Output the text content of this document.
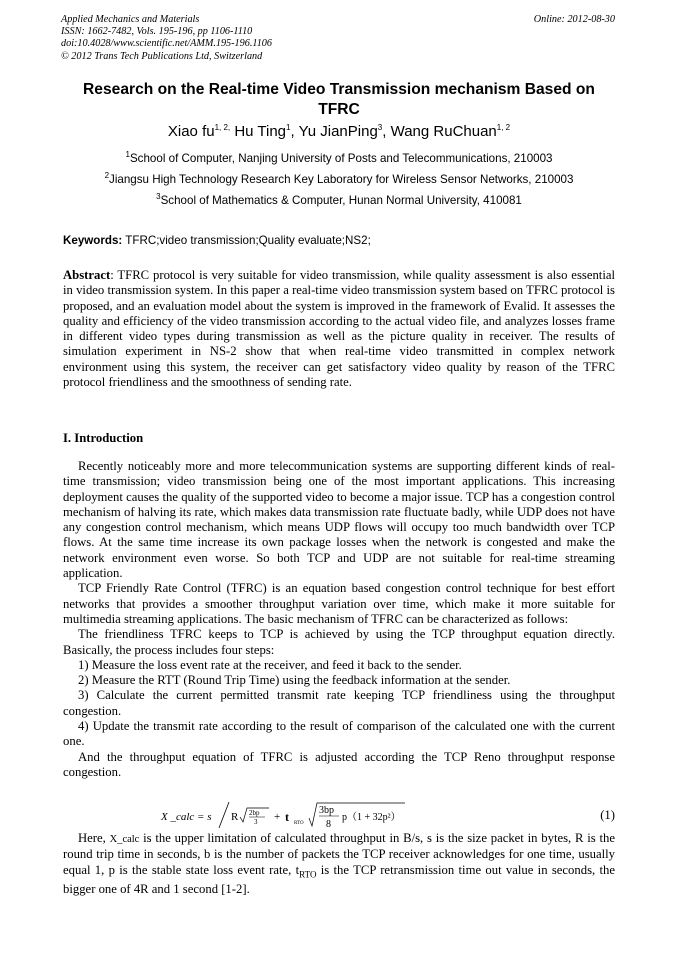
Applied Mechanics and Materials
ISSN: 1662-7482, Vols. 195-196, pp 1106-1110
doi:10.4028/www.scientific.net/AMM.195-196.1106
© 2012 Trans Tech Publications Ltd, Switzerland
Online: 2012-08-30
Research on the Real-time Video Transmission mechanism Based on TFRC
Xiao $fu^{1, 2,}$ Hu Ting$^1$, Yu JianPing$^3$, Wang RuChuan$^{1, 2}$
$^1$School of Computer, Nanjing University of Posts and Telecommunications, 210003
$^2$Jiangsu High Technology Research Key Laboratory for Wireless Sensor Networks, 210003
$^3$School of Mathematics & Computer, Hunan Normal University, 410081
Keywords: TFRC;video transmission;Quality evaluate;NS2;

Abstract: TFRC protocol is very suitable for video transmission, while quality assessment is also essential in video transmission system. In this paper a real-time video transmission system based on TFRC protocol is proposed, and an evaluation model about the system is improved in the framework of Evalid. It assesses the quality and efficiency of the video transmission according to the actual video file, and analyzes losses frame in different video types during transmission as well as the picture quality in receiver. The results of simulation experiment in NS-2 show that when real-time video transmitted in complex network environment using this system, the receiver can get satisfactory video quality by reason of the TFRC protocol friendliness and the smoothness of sending rate.

I. Introduction

Recently noticeably more and more telecommunication systems are supporting different kinds of real-time transmission; video transmission being one of the most important applications. This increasing deployment causes the quality of the supported video to become a major issue. TCP has a congestion control mechanism of halving its rate, which makes data transmission rate fluctuate badly, while UDP does not have any congestion control mechanism, which means UDP flows will occupy too much bandwidth over TCP flows. At the same time increase its own package losses when the network is congested and make the network environment even worse. So both TCP and UDP are not suitable for real-time streaming application.

TCP Friendly Rate Control (TFRC) is an equation based congestion control technique for best effort networks that provides a smoother throughput variation over time, which make it more suitable for multimedia streaming applications. The basic mechanism of TFRC can be characterized as follows:

The friendliness TFRC keeps to TCP is achieved by using the TCP throughput equation directly. Basically, the process includes four steps:

1) Measure the loss event rate at the receiver, and feed it back to the sender.

2) Measure the RTT (Round Trip Time) using the feedback information at the sender.

3) Calculate the current permitted transmit rate keeping TCP friendliness using the throughput congestion.

4) Update the transmit rate according to the result of comparison of the calculated one with the current one.

And the throughput equation of TFRC is adjusted according the TCP Reno throughput response congestion.

X _calc = s R 2bp
3 + t RTO
3bp
8
p（1 + 32p²）	(1)

Here, X_calc is the upper limitation of calculated throughput in B/s, s is the size packet in bytes, R is the round trip time in seconds, b is the number of packets the TCP receiver acknowledges for one time, usually equal 1, p is the stable state loss event rate, $t_{RTO}$ is the TCP retransmission time out value in seconds, the bigger one of 4R and 1 second [1-2].
